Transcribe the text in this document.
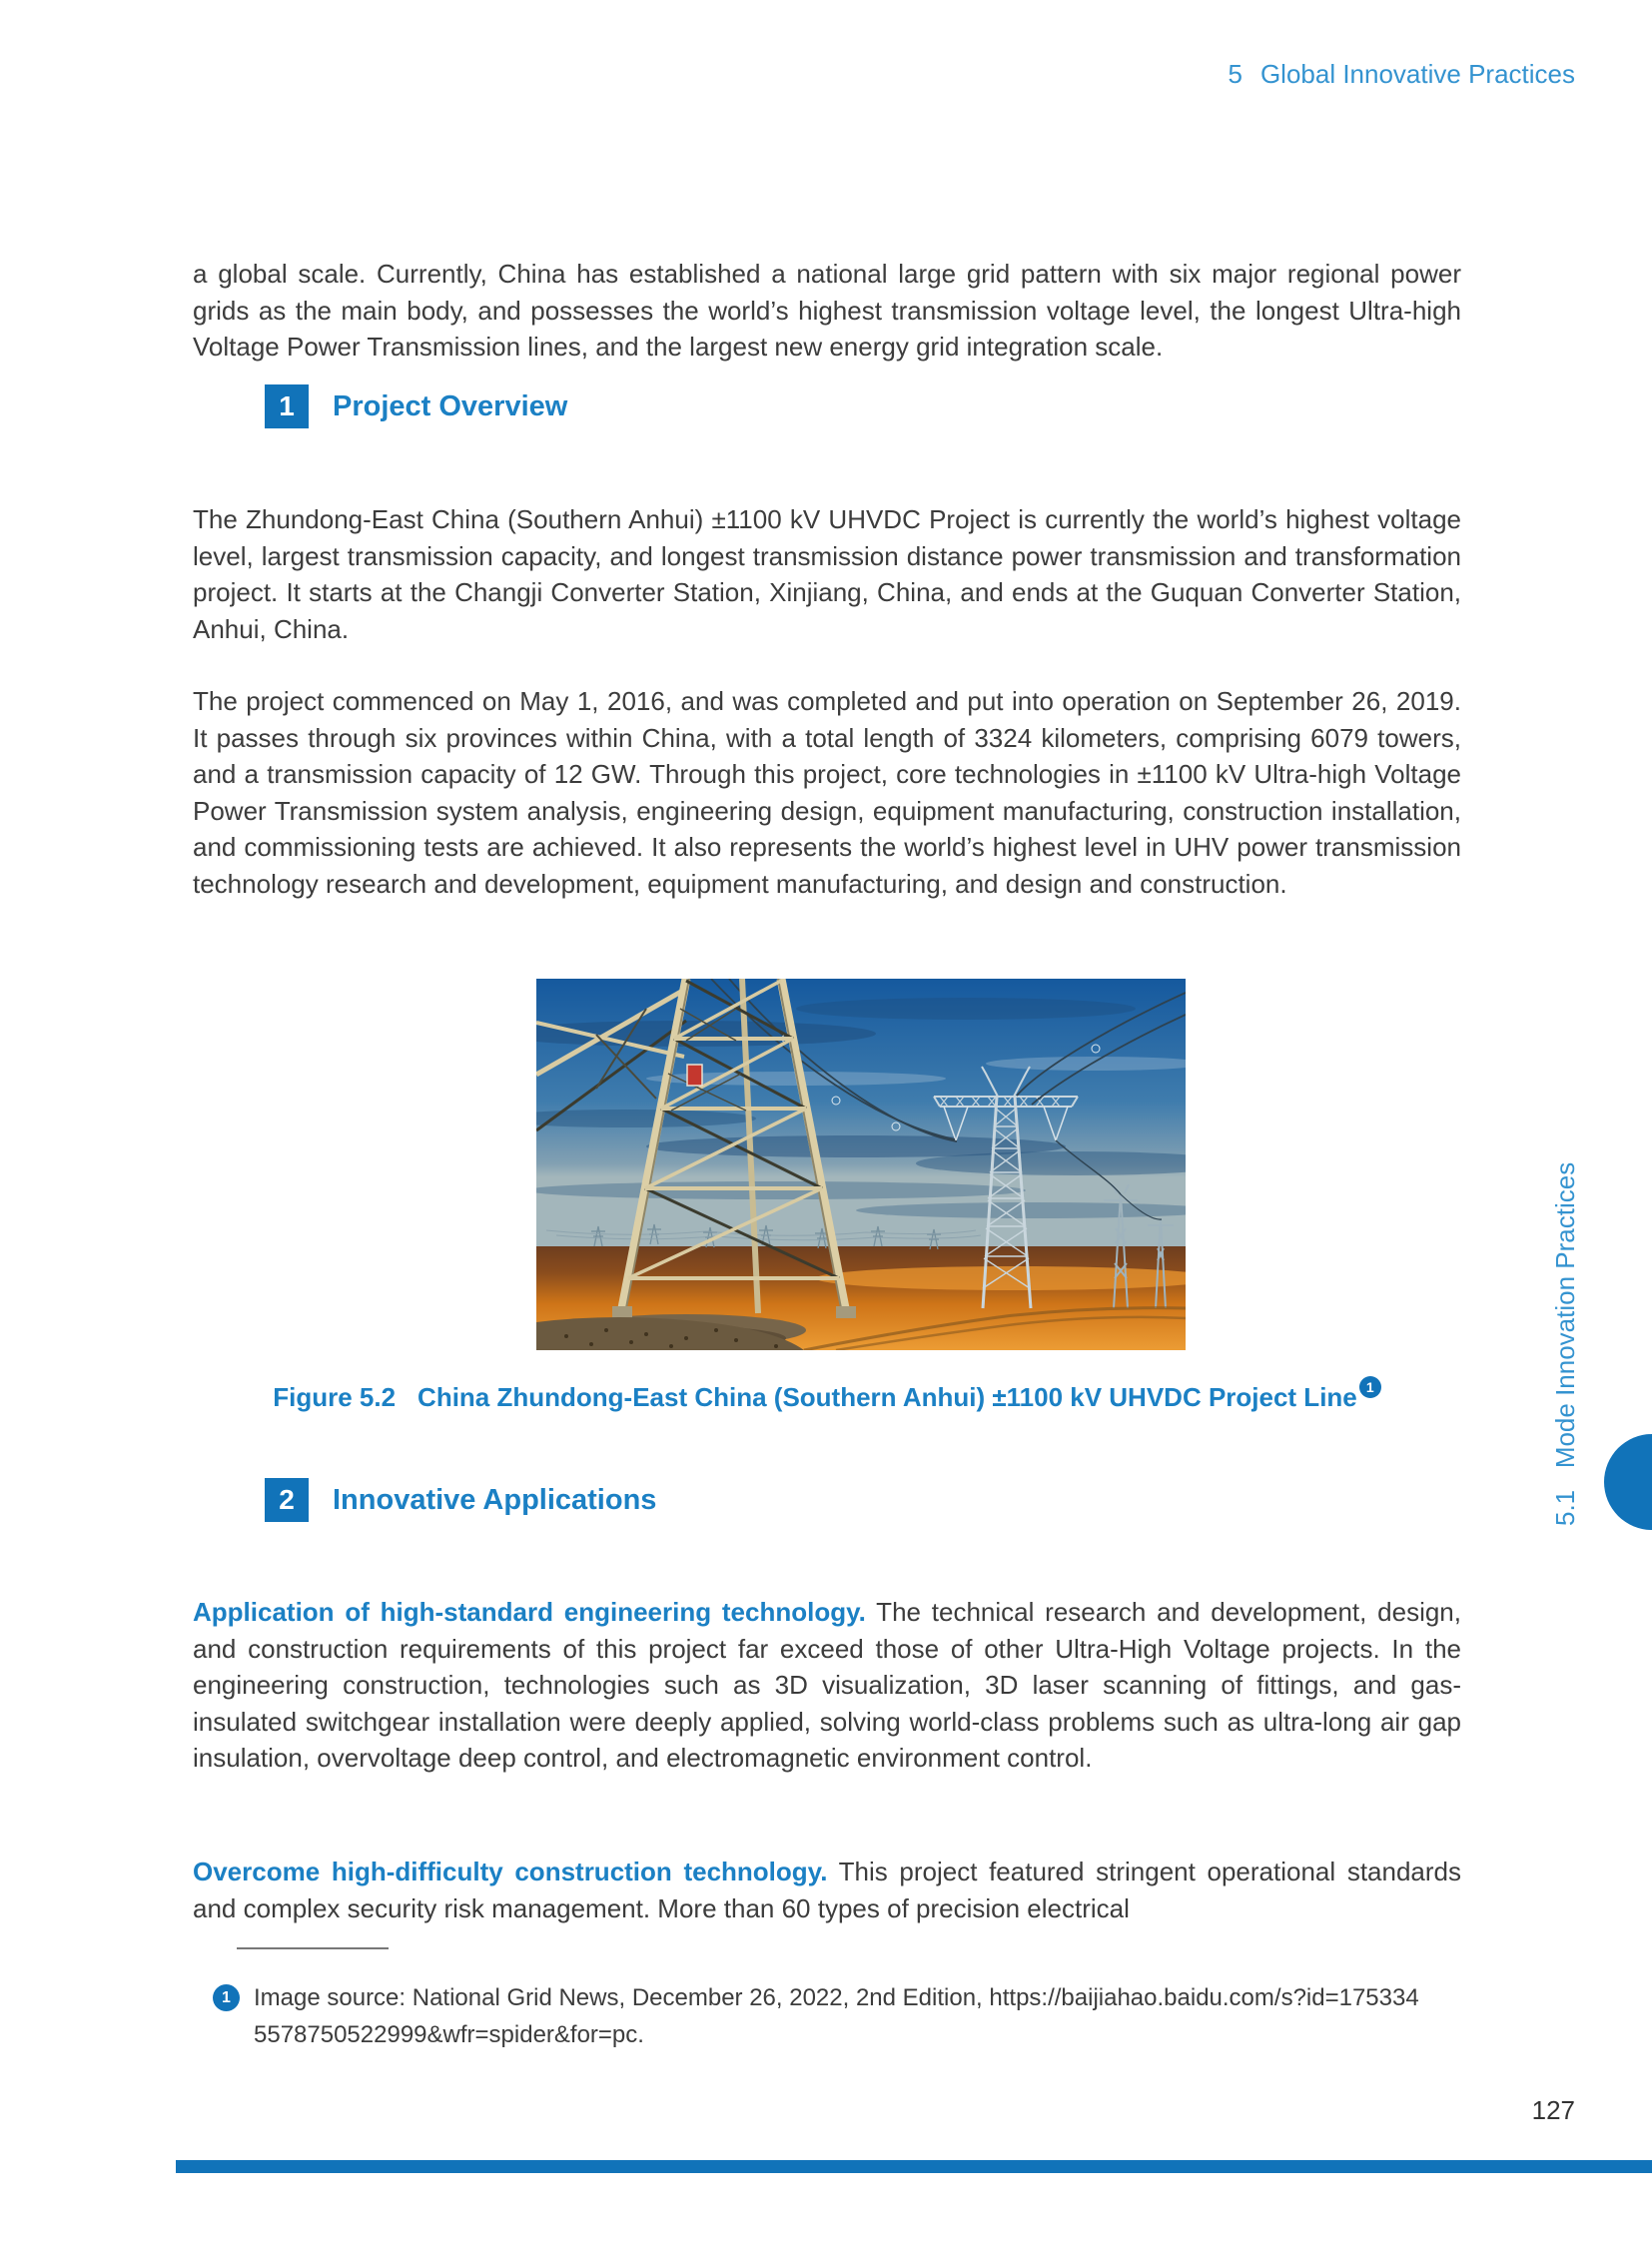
5 Global Innovative Practices

a global scale. Currently, China has established a national large grid pattern with six major regional power grids as the main body, and possesses the world’s highest transmission voltage level, the longest Ultra-high Voltage Power Transmission lines, and the largest new energy grid integration scale.

1	Project Overview

The Zhundong-East China (Southern Anhui) ±1100 kV UHVDC Project is currently the world’s highest voltage level, largest transmission capacity, and longest transmission distance power transmission and transformation project. It starts at the Changji Converter Station, Xinjiang, China, and ends at the Guquan Converter Station, Anhui, China.

The project commenced on May 1, 2016, and was completed and put into operation on September 26, 2019. It passes through six provinces within China, with a total length of 3324 kilometers, comprising 6079 towers, and a transmission capacity of 12 GW. Through this project, core technologies in ±1100 kV Ultra-high Voltage Power Transmission system analysis, engineering design, equipment manufacturing, construction installation, and commissioning tests are achieved. It also represents the world’s highest level in UHV power transmission technology research and development, equipment manufacturing, and design and construction.

Figure 5.2 China Zhundong-East China (Southern Anhui) ±1100 kV UHVDC Project Line 1
2	Innovative Applications

Application of high-standard engineering technology. The technical research and development, design, and construction requirements of this project far exceed those of other Ultra-High Voltage projects. In the engineering construction, technologies such as 3D visualization, 3D laser scanning of fittings, and gas-insulated switchgear installation were deeply applied, solving world-class problems such as ultra-long air gap insulation, overvoltage deep control, and electromagnetic environment control.

Overcome high-difficulty construction technology. This project featured stringent operational standards and complex security risk management. More than 60 types of precision electrical

1 Image source: National Grid News, December 26, 2022, 2nd Edition, https://baijiahao.baidu.com/s?id=175334
5578750522999&wfr=spider&for=pc.
5.1   Mode Innovation Practices
127
